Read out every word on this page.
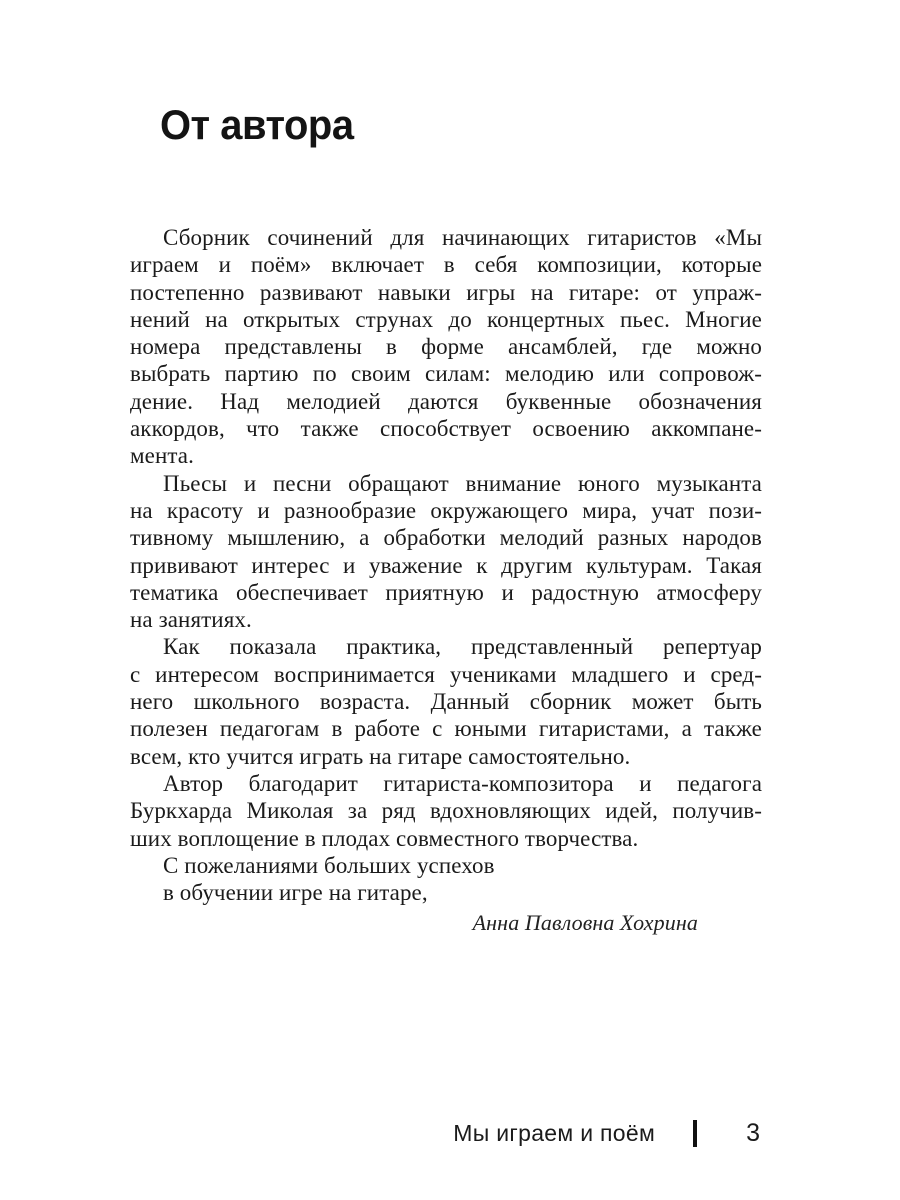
От автора
Сборник сочинений для начинающих гитаристов «Мы
играем и поём» включает в себя композиции, которые
постепенно развивают навыки игры на гитаре: от упраж-
нений на открытых струнах до концертных пьес. Многие
номера представлены в форме ансамблей, где можно
выбрать партию по своим силам: мелодию или сопровож-
дение. Над мелодией даются буквенные обозначения
аккордов, что также способствует освоению аккомпане-
мента.
Пьесы и песни обращают внимание юного музыканта
на красоту и разнообразие окружающего мира, учат пози-
тивному мышлению, а обработки мелодий разных народов
прививают интерес и уважение к другим культурам. Такая
тематика обеспечивает приятную и радостную атмосферу
на занятиях.
Как показала практика, представленный репертуар
с интересом воспринимается учениками младшего и сред-
него школьного возраста. Данный сборник может быть
полезен педагогам в работе с юными гитаристами, а также
всем, кто учится играть на гитаре самостоятельно.
Автор благодарит гитариста-композитора и педагога
Буркхарда Миколая за ряд вдохновляющих идей, получив-
ших воплощение в плодах совместного творчества.
С пожеланиями больших успехов
в обучении игре на гитаре,
Анна Павловна Хохрина
Мы играем и поём	3
